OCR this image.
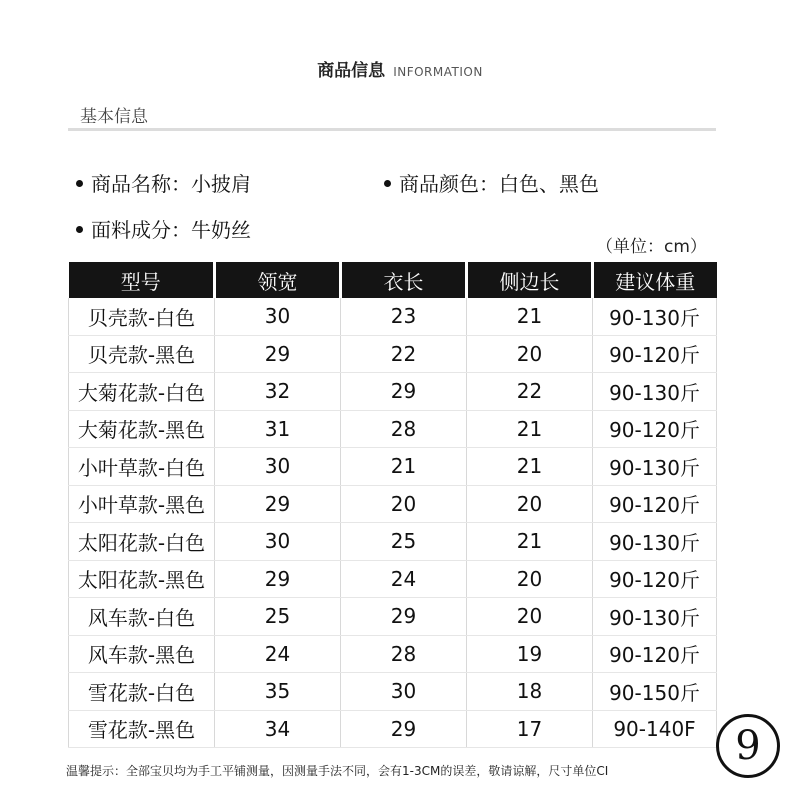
商品信息 INFORMATION
基本信息
商品名称：小披肩	商品颜色：白色、黑色
面料成分：牛奶丝
（单位：cm）
型号	领宽	衣长	侧边长	建议体重
贝壳款-白色	30	23	21	90-130斤
贝壳款-黑色	29	22	20	90-120斤
大菊花款-白色	32	29	22	90-130斤
大菊花款-黑色	31	28	21	90-120斤
小叶草款-白色	30	21	21	90-130斤
小叶草款-黑色	29	20	20	90-120斤
太阳花款-白色	30	25	21	90-130斤
太阳花款-黑色	29	24	20	90-120斤
风车款-白色	25	29	20	90-130斤
风车款-黑色	24	28	19	90-120斤
雪花款-白色	35	30	18	90-150斤
雪花款-黑色	34	29	17	90-140F
温馨提示：全部宝贝均为手工平铺测量，因测量手法不同，会有1-3CM的误差，敬请谅解，尺寸单位CI
9
